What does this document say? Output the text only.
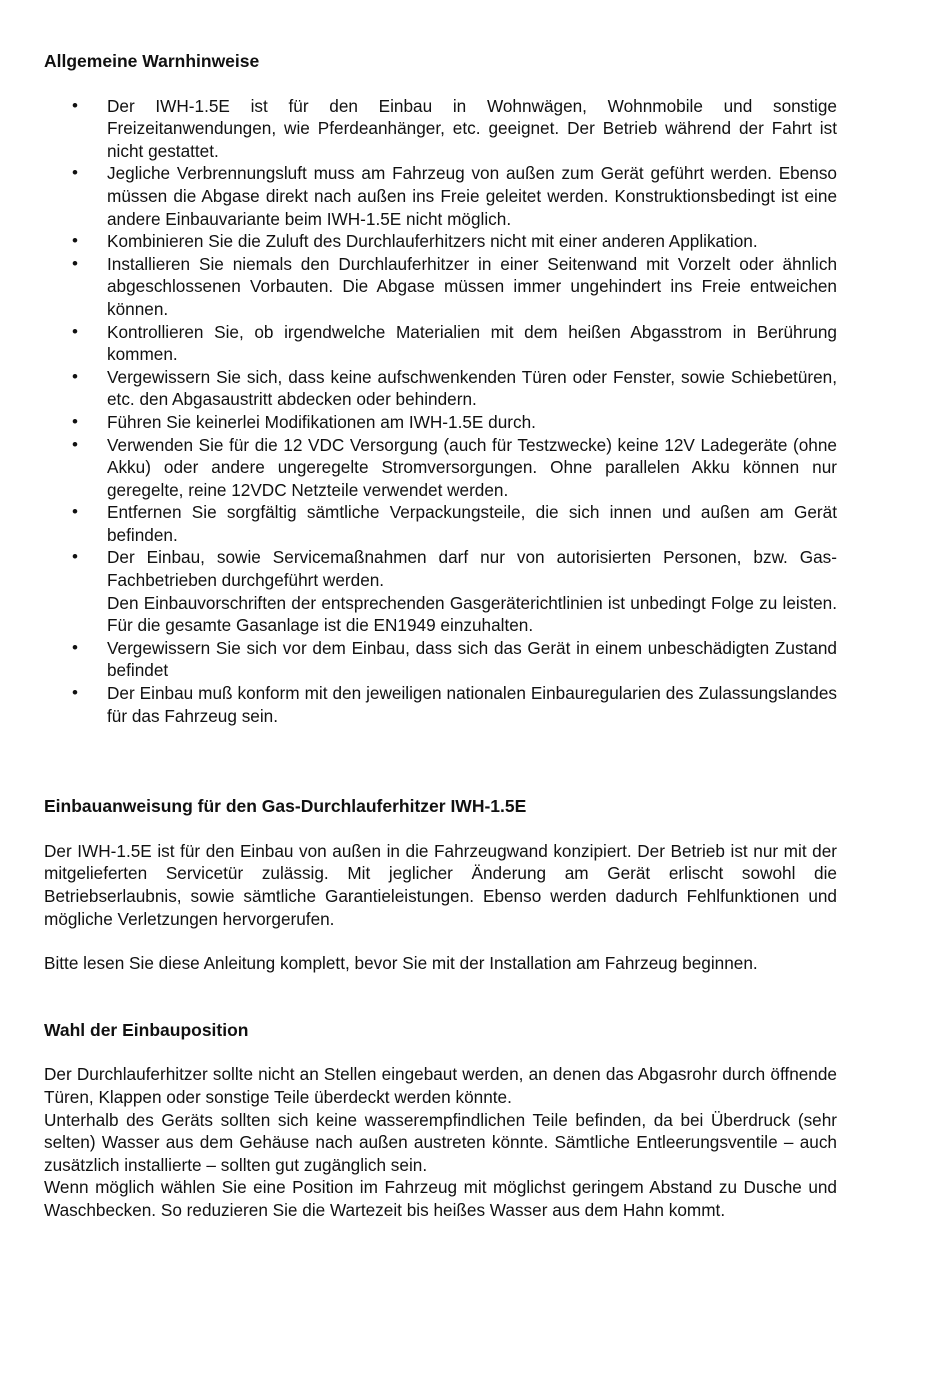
Allgemeine Warnhinweise
• Der IWH-1.5E ist für den Einbau in Wohnwägen, Wohnmobile und sonstige Freizeitanwendungen, wie Pferdeanhänger, etc. geeignet. Der Betrieb während der Fahrt ist nicht gestattet.
• Jegliche Verbrennungsluft muss am Fahrzeug von außen zum Gerät geführt werden. Ebenso müssen die Abgase direkt nach außen ins Freie geleitet werden. Konstruktionsbedingt ist eine andere Einbauvariante beim IWH-1.5E nicht möglich.
• Kombinieren Sie die Zuluft des Durchlauferhitzers nicht mit einer anderen Applikation.
• Installieren Sie niemals den Durchlauferhitzer in einer Seitenwand mit Vorzelt oder ähnlich abgeschlossenen Vorbauten. Die Abgase müssen immer ungehindert ins Freie entweichen können.
• Kontrollieren Sie, ob irgendwelche Materialien mit dem heißen Abgasstrom in Berührung kommen.
• Vergewissern Sie sich, dass keine aufschwenkenden Türen oder Fenster, sowie Schiebetüren, etc. den Abgasaustritt abdecken oder behindern.
• Führen Sie keinerlei Modifikationen am IWH-1.5E durch.
• Verwenden Sie für die 12 VDC Versorgung (auch für Testzwecke) keine 12V Ladegeräte (ohne Akku) oder andere ungeregelte Stromversorgungen. Ohne parallelen Akku können nur geregelte, reine 12VDC Netzteile verwendet werden.
• Entfernen Sie sorgfältig sämtliche Verpackungsteile, die sich innen und außen am Gerät befinden.
• Der Einbau, sowie Servicemaßnahmen darf nur von autorisierten Personen, bzw. Gas-Fachbetrieben durchgeführt werden.
Den Einbauvorschriften der entsprechenden Gasgeräterichtlinien ist unbedingt Folge zu leisten. Für die gesamte Gasanlage ist die EN1949 einzuhalten.
• Vergewissern Sie sich vor dem Einbau, dass sich das Gerät in einem unbeschädigten Zustand befindet
• Der Einbau muß konform mit den jeweiligen nationalen Einbauregularien des Zulassungslandes für das Fahrzeug sein.
Einbauanweisung für den Gas-Durchlauferhitzer IWH-1.5E

Der IWH-1.5E ist für den Einbau von außen in die Fahrzeugwand konzipiert. Der Betrieb ist nur mit der mitgelieferten Servicetür zulässig. Mit jeglicher Änderung am Gerät erlischt sowohl die Betriebserlaubnis, sowie sämtliche Garantieleistungen. Ebenso werden dadurch Fehlfunktionen und mögliche Verletzungen hervorgerufen.

Bitte lesen Sie diese Anleitung komplett, bevor Sie mit der Installation am Fahrzeug beginnen.

Wahl der Einbauposition

Der Durchlauferhitzer sollte nicht an Stellen eingebaut werden, an denen das Abgasrohr durch öffnende Türen, Klappen oder sonstige Teile überdeckt werden könnte.

Unterhalb des Geräts sollten sich keine wasserempfindlichen Teile befinden, da bei Überdruck (sehr selten) Wasser aus dem Gehäuse nach außen austreten könnte. Sämtliche Entleerungsventile – auch zusätzlich installierte – sollten gut zugänglich sein.

Wenn möglich wählen Sie eine Position im Fahrzeug mit möglichst geringem Abstand zu Dusche und Waschbecken. So reduzieren Sie die Wartezeit bis heißes Wasser aus dem Hahn kommt.
